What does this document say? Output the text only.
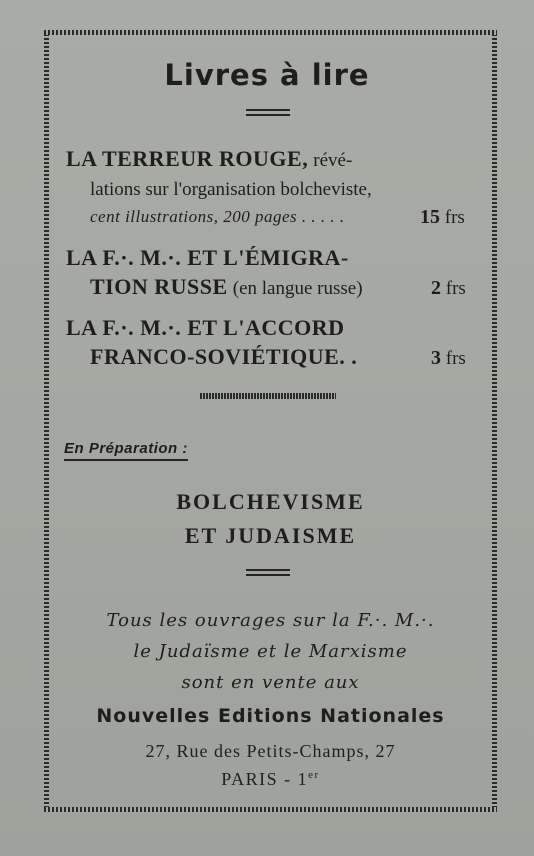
Livres à lire
LA TERREUR ROUGE, révé-
lations sur l'organisation bolcheviste,
cent illustrations, 200 pages . . . . .	15 frs
LA F.·. M.·. ET L'ÉMIGRA-
TION RUSSE (en langue russe)	2 frs
LA F.·. M.·. ET L'ACCORD
FRANCO-SOVIÉTIQUE. .	3 frs
En Préparation :
BOLCHEVISME
ET JUDAISME
Tous les ouvrages sur la F.·. M.·.
le Judaïsme et le Marxisme
sont en vente aux
Nouvelles Editions Nationales
27, Rue des Petits-Champs, 27
PARIS - 1er
